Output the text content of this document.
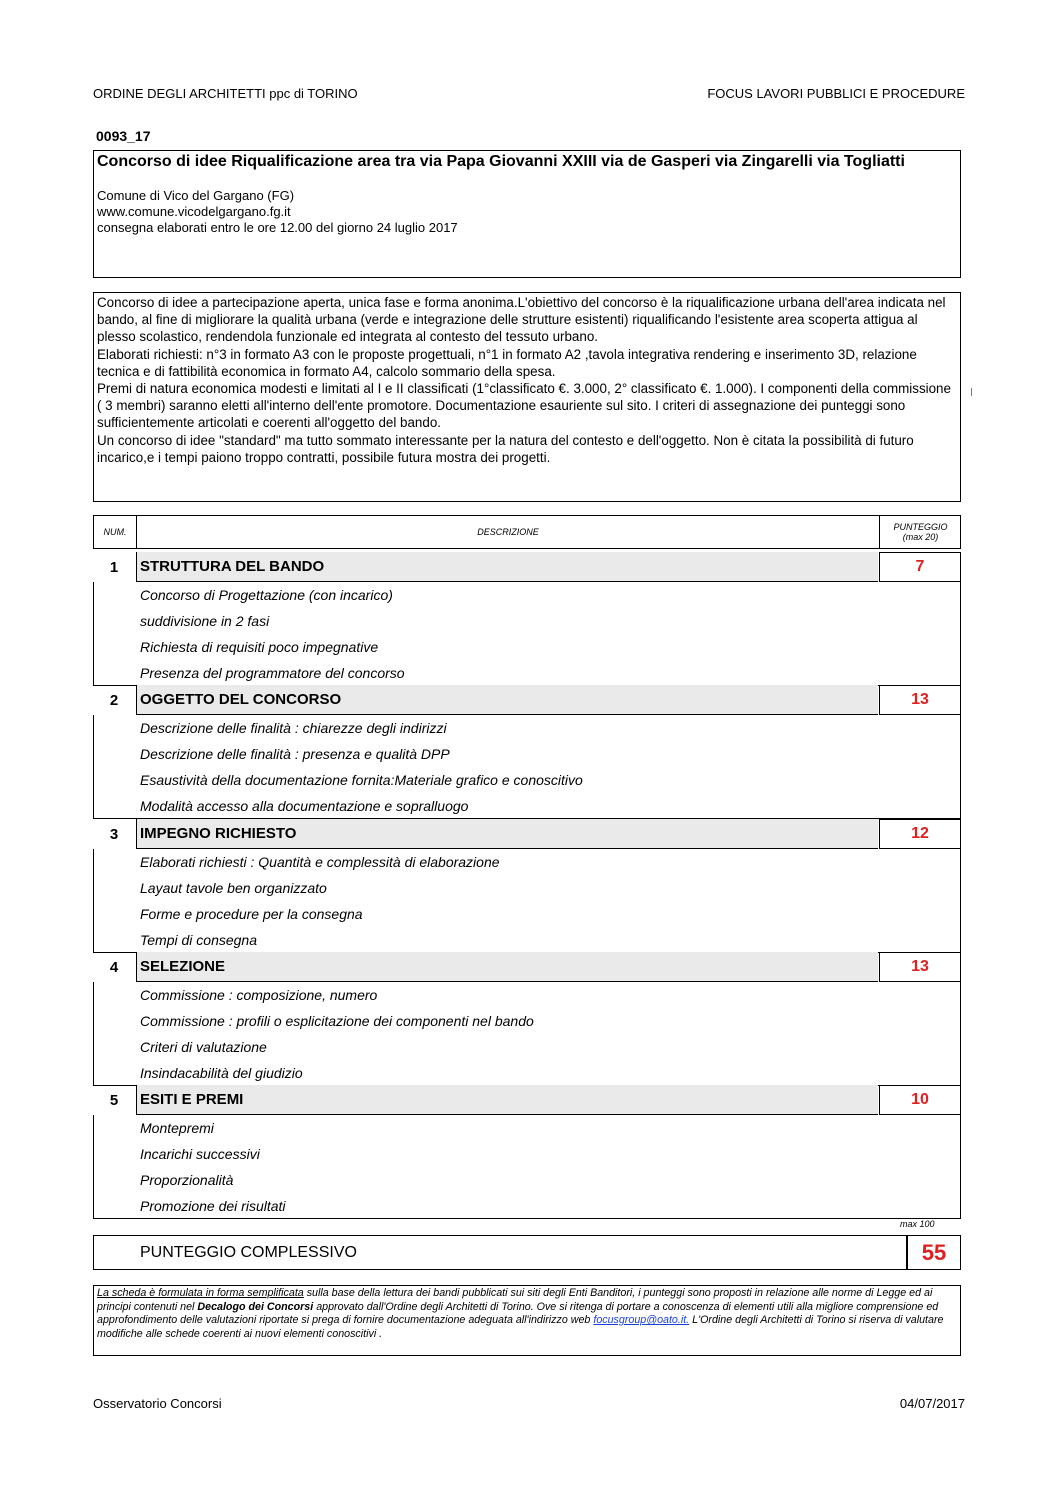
ORDINE DEGLI ARCHITETTI ppc di TORINO	FOCUS LAVORI PUBBLICI E PROCEDURE
0093_17

Concorso di idee Riqualificazione area tra via Papa Giovanni XXIII via de Gasperi via Zingarelli via Togliatti

Comune di Vico del Gargano (FG)
www.comune.vicodelgargano.fg.it
consegna elaborati entro le ore 12.00 del giorno 24 luglio 2017

Concorso di idee a partecipazione aperta, unica fase e forma anonima.L'obiettivo del concorso è la riqualificazione urbana dell'area indicata nel bando, al fine di migliorare la qualità urbana (verde e integrazione delle strutture esistenti) riqualificando l'esistente area scoperta attigua al plesso scolastico, rendendola funzionale ed integrata al contesto del tessuto urbano.

Elaborati richiesti: n°3 in formato A3 con le proposte progettuali, n°1 in formato A2 ,tavola integrativa rendering e inserimento 3D, relazione tecnica e di fattibilità economica in formato A4, calcolo sommario della spesa.

Premi di natura economica modesti e limitati al I e II classificati (1°classificato €. 3.000, 2° classificato €. 1.000). I componenti della commissione ( 3 membri) saranno eletti all'interno dell'ente promotore. Documentazione esauriente sul sito. I criteri di assegnazione dei punteggi sono sufficientemente articolati e coerenti all'oggetto del bando.

Un concorso di idee "standard" ma tutto sommato interessante per la natura del contesto e dell'oggetto. Non è citata la possibilità di futuro incarico,e i tempi paiono troppo contratti, possibile futura mostra dei progetti.

NUM.	DESCRIZIONE	PUNTEGGIO
(max 20)
1	STRUTTURA DEL BANDO	7
Concorso di Progettazione (con incarico)
suddivisione in 2 fasi
Richiesta di requisiti poco impegnative
Presenza del programmatore del concorso
2	OGGETTO DEL CONCORSO	13
Descrizione delle finalità : chiarezze degli indirizzi
Descrizione delle finalità : presenza e qualità DPP
Esaustività della documentazione fornita:Materiale grafico e conoscitivo
Modalità accesso alla documentazione e sopralluogo
3	IMPEGNO RICHIESTO	12
Elaborati richiesti : Quantità e complessità di elaborazione
Layaut tavole ben organizzato
Forme e procedure per la consegna
Tempi di consegna
4	SELEZIONE	13
Commissione : composizione, numero
Commissione : profili o esplicitazione dei componenti nel bando
Criteri di valutazione
Insindacabilità del giudizio
5	ESITI E PREMI	10
Montepremi
Incarichi successivi
Proporzionalità
Promozione dei risultati
max 100
PUNTEGGIO COMPLESSIVO	55
La scheda è formulata in forma semplificata sulla base della lettura dei bandi pubblicati sui siti degli Enti Banditori, i punteggi sono proposti in relazione alle norme di Legge ed ai principi contenuti nel Decalogo dei Concorsi approvato dall'Ordine degli Architetti di Torino. Ove si ritenga di portare a conoscenza di elementi utili alla migliore comprensione ed approfondimento delle valutazioni riportate si prega di fornire documentazione adeguata all'indirizzo web focusgroup@oato.it. L'Ordine degli Architetti di Torino si riserva di valutare modifiche alle schede coerenti ai nuovi elementi conoscitivi .
Osservatorio Concorsi	04/07/2017
